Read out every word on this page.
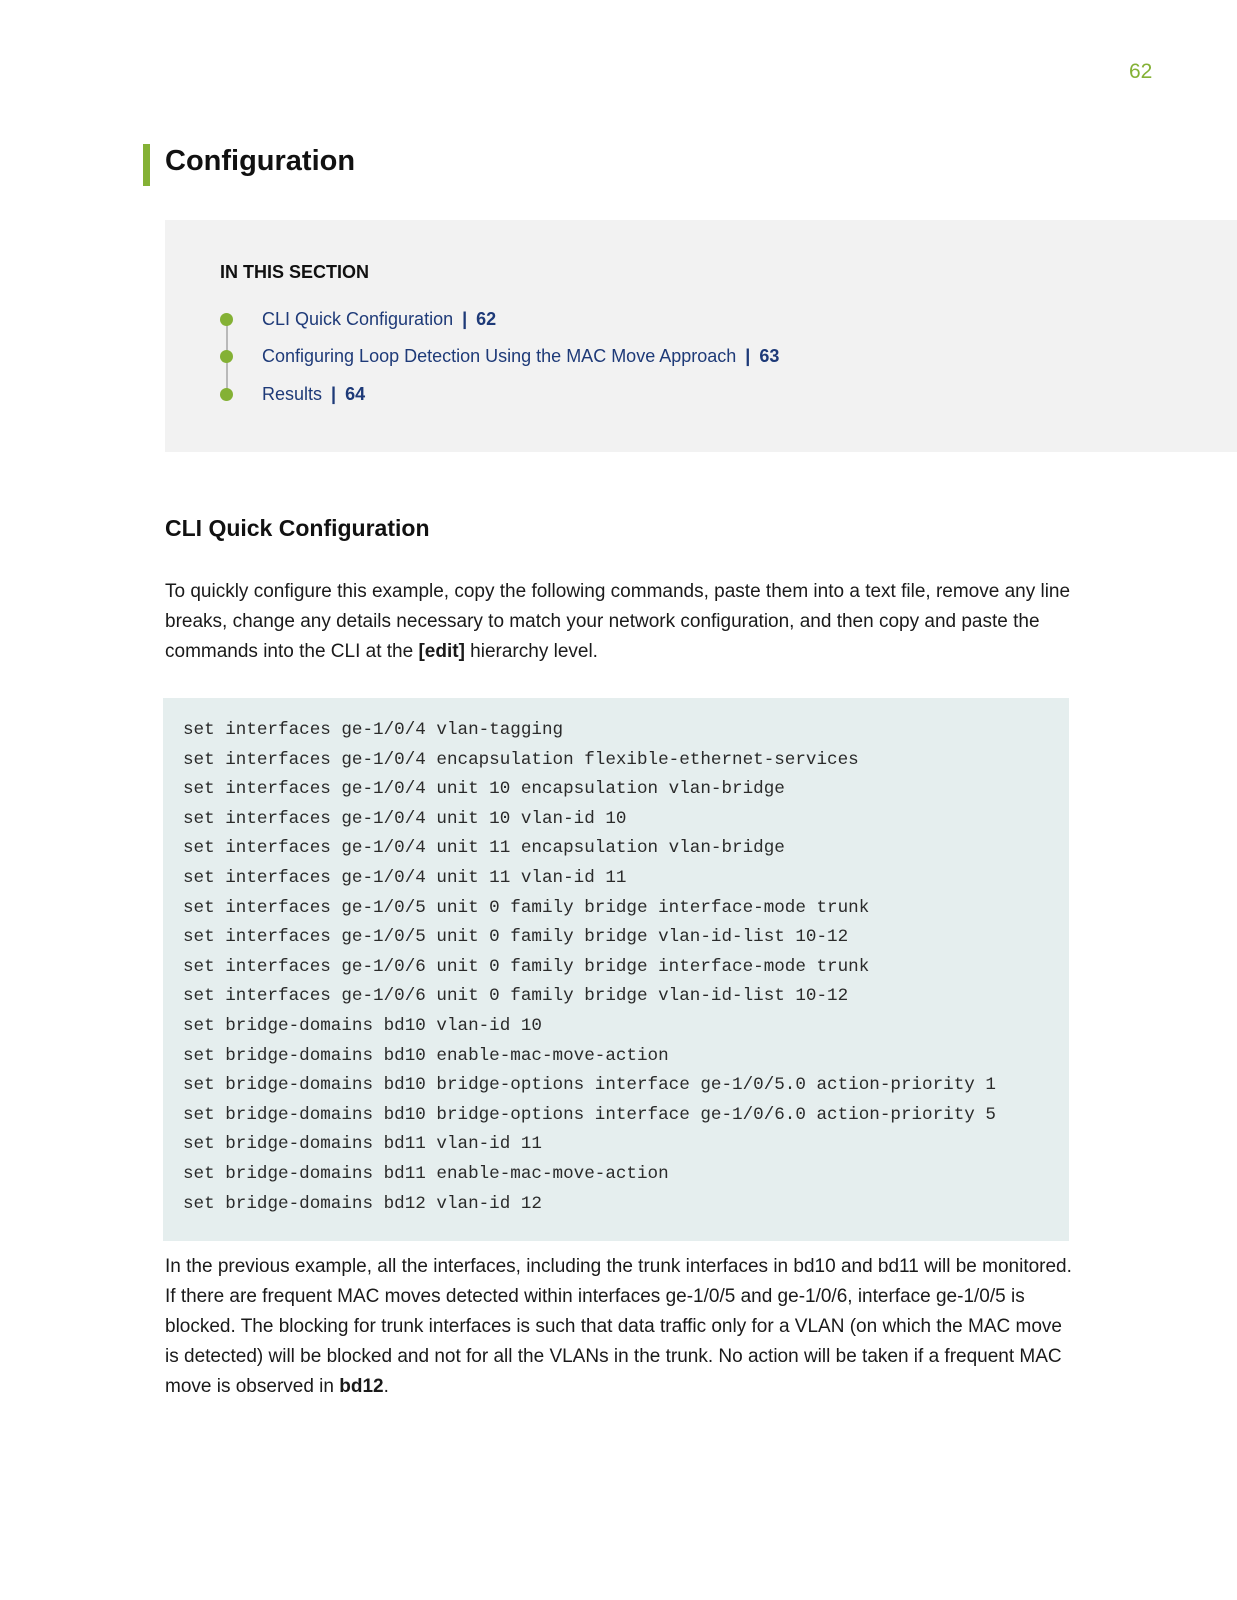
62
Configuration
IN THIS SECTION
CLI Quick Configuration | 62
Configuring Loop Detection Using the MAC Move Approach | 63
Results | 64
CLI Quick Configuration

To quickly configure this example, copy the following commands, paste them into a text file, remove any line breaks, change any details necessary to match your network configuration, and then copy and paste the commands into the CLI at the [edit] hierarchy level.

set interfaces ge-1/0/4 vlan-tagging
set interfaces ge-1/0/4 encapsulation flexible-ethernet-services
set interfaces ge-1/0/4 unit 10 encapsulation vlan-bridge
set interfaces ge-1/0/4 unit 10 vlan-id 10
set interfaces ge-1/0/4 unit 11 encapsulation vlan-bridge
set interfaces ge-1/0/4 unit 11 vlan-id 11
set interfaces ge-1/0/5 unit 0 family bridge interface-mode trunk
set interfaces ge-1/0/5 unit 0 family bridge vlan-id-list 10-12
set interfaces ge-1/0/6 unit 0 family bridge interface-mode trunk
set interfaces ge-1/0/6 unit 0 family bridge vlan-id-list 10-12
set bridge-domains bd10 vlan-id 10
set bridge-domains bd10 enable-mac-move-action
set bridge-domains bd10 bridge-options interface ge-1/0/5.0 action-priority 1
set bridge-domains bd10 bridge-options interface ge-1/0/6.0 action-priority 5
set bridge-domains bd11 vlan-id 11
set bridge-domains bd11 enable-mac-move-action
set bridge-domains bd12 vlan-id 12

In the previous example, all the interfaces, including the trunk interfaces in bd10 and bd11 will be monitored. If there are frequent MAC moves detected within interfaces ge-1/0/5 and ge-1/0/6, interface ge-1/0/5 is blocked. The blocking for trunk interfaces is such that data traffic only for a VLAN (on which the MAC move is detected) will be blocked and not for all the VLANs in the trunk. No action will be taken if a frequent MAC move is observed in bd12.
